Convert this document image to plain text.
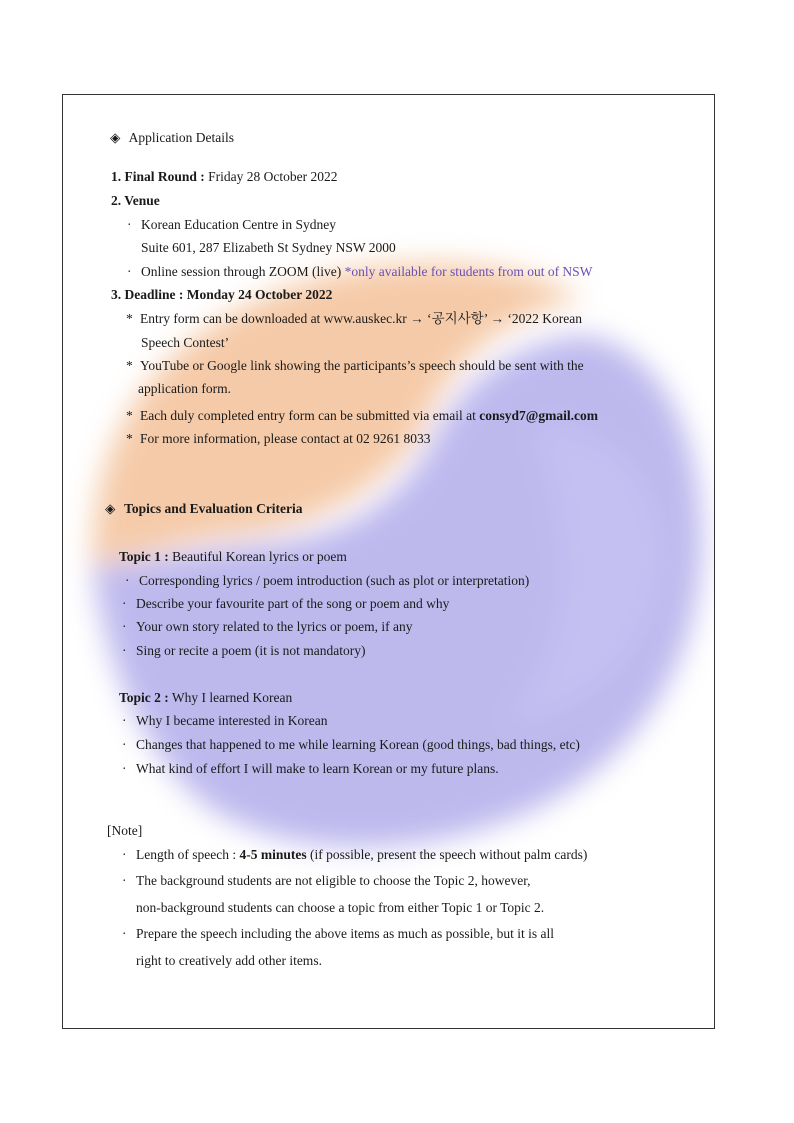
◈ Application Details
1. Final Round : Friday 28 October 2022
2. Venue
· Korean Education Centre in Sydney
Suite 601, 287 Elizabeth St Sydney NSW 2000
· Online session through ZOOM (live) *only available for students from out of NSW
3. Deadline : Monday 24 October 2022
* Entry form can be downloaded at www.auskec.kr → ‘공지사항’ → ‘2022 Korean
Speech Contest’
* YouTube or Google link showing the participants’s speech should be sent with the
application form.
* Each duly completed entry form can be submitted via email at consyd7@gmail.com
* For more information, please contact at 02 9261 8033
◈ Topics and Evaluation Criteria
Topic 1 : Beautiful Korean lyrics or poem
· Corresponding lyrics / poem introduction (such as plot or interpretation)
· Describe your favourite part of the song or poem and why
· Your own story related to the lyrics or poem, if any
· Sing or recite a poem (it is not mandatory)
Topic 2 : Why I learned Korean
· Why I became interested in Korean
· Changes that happened to me while learning Korean (good things, bad things, etc)
· What kind of effort I will make to learn Korean or my future plans.
[Note]
· Length of speech : 4-5 minutes (if possible, present the speech without palm cards)
· The background students are not eligible to choose the Topic 2, however,
non-background students can choose a topic from either Topic 1 or Topic 2.
· Prepare the speech including the above items as much as possible, but it is all
right to creatively add other items.
